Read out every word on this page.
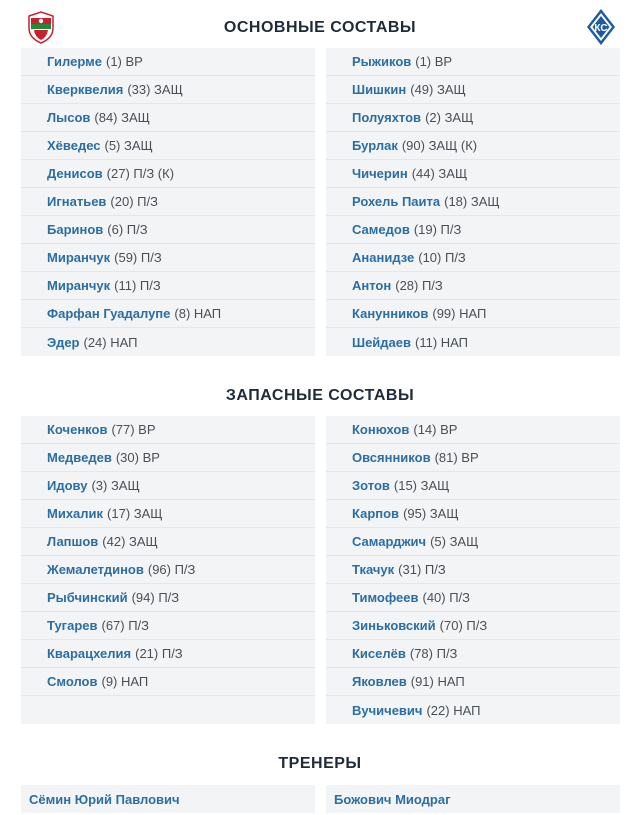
КС
ОСНОВНЫЕ СОСТАВЫ
ЗАПАСНЫЕ СОСТАВЫ
ТРЕНЕРЫ
Гилерме (1) ВР
Кверквелия (33) ЗАЩ
Лысов (84) ЗАЩ
Хёведес (5) ЗАЩ
Денисов (27) П/З (К)
Игнатьев (20) П/З
Баринов (6) П/З
Миранчук (59) П/З
Миранчук (11) П/З
Фарфан Гуадалупе (8) НАП
Эдер (24) НАП
Рыжиков (1) ВР
Шишкин (49) ЗАЩ
Полуяхтов (2) ЗАЩ
Бурлак (90) ЗАЩ (К)
Чичерин (44) ЗАЩ
Рохель Паита (18) ЗАЩ
Самедов (19) П/З
Ананидзе (10) П/З
Антон (28) П/З
Канунников (99) НАП
Шейдаев (11) НАП
Коченков (77) ВР
Медведев (30) ВР
Идову (3) ЗАЩ
Михалик (17) ЗАЩ
Лапшов (42) ЗАЩ
Жемалетдинов (96) П/З
Рыбчинский (94) П/З
Тугарев (67) П/З
Кварацхелия (21) П/З
Смолов (9) НАП
Конюхов (14) ВР
Овсянников (81) ВР
Зотов (15) ЗАЩ
Карпов (95) ЗАЩ
Самарджич (5) ЗАЩ
Ткачук (31) П/З
Тимофеев (40) П/З
Зиньковский (70) П/З
Киселёв (78) П/З
Яковлев (91) НАП
Вучичевич (22) НАП
Сёмин Юрий Павлович	Божович Миодраг
